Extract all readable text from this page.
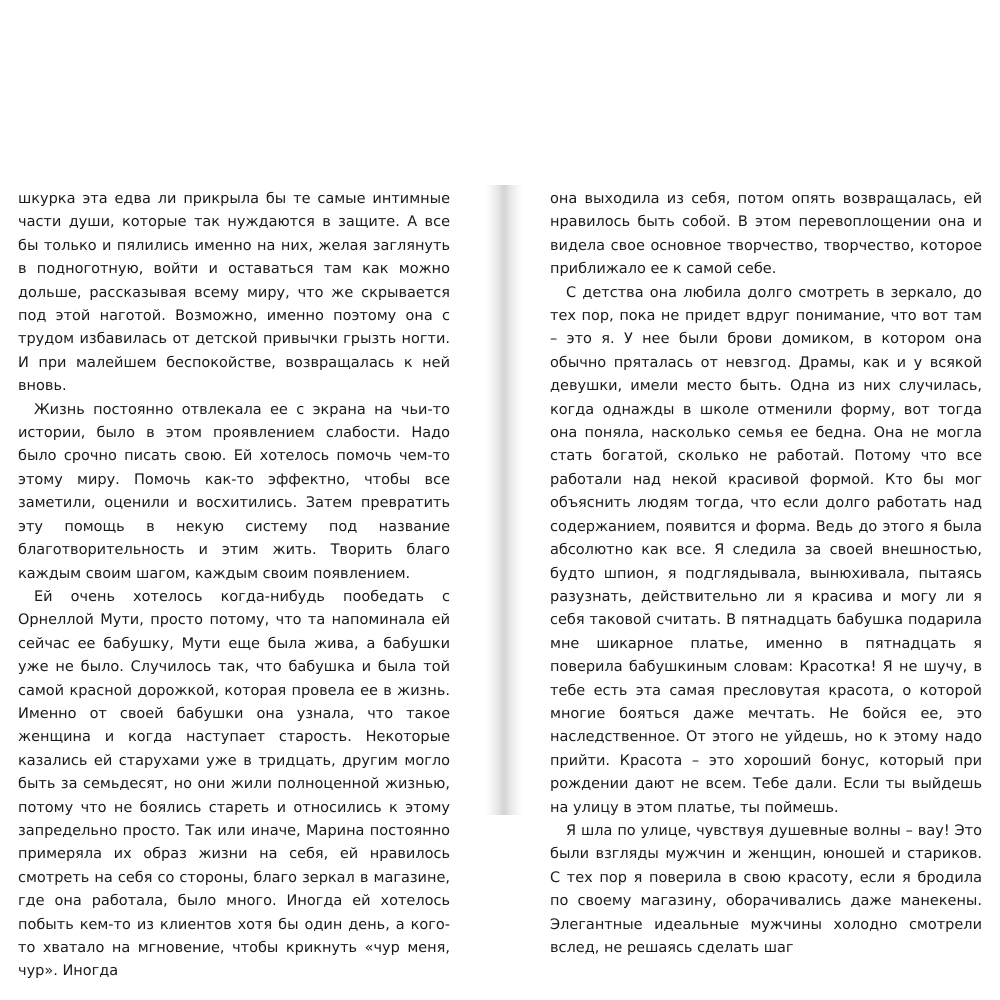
шкурка эта едва ли прикрыла бы те самые интимные части души, которые так нуждаются в защите. А все бы только и пялились именно на них, желая заглянуть в подноготную, войти и оставаться там как можно дольше, рассказывая всему миру, что же скрывается под этой наготой. Возможно, именно поэтому она с трудом избавилась от детской привычки грызть ногти. И при малейшем беспокойстве, возвращалась к ней вновь.

Жизнь постоянно отвлекала ее с экрана на чьи-то истории, было в этом проявлением слабости. Надо было срочно писать свою. Ей хотелось помочь чем-то этому миру. Помочь как-то эффектно, чтобы все заметили, оценили и восхитились. Затем превратить эту помощь в некую систему под название благотворительность и этим жить. Творить благо каждым своим шагом, каждым своим появлением.

Ей очень хотелось когда-нибудь пообедать с Орнеллой Мути, просто потому, что та напоминала ей сейчас ее бабушку, Мути еще была жива, а бабушки уже не было. Случилось так, что бабушка и была той самой красной дорожкой, которая провела ее в жизнь. Именно от своей бабушки она узнала, что такое женщина и когда наступает старость. Некоторые казались ей старухами уже в тридцать, другим могло быть за семьдесят, но они жили полноценной жизнью, потому что не боялись стареть и относились к этому запредельно просто. Так или иначе, Марина постоянно примеряла их образ жизни на себя, ей нравилось смотреть на себя со стороны, благо зеркал в магазине, где она работала, было много. Иногда ей хотелось побыть кем-то из клиентов хотя бы один день, а кого-то хватало на мгновение, чтобы крикнуть «чур меня, чур». Иногда

она выходила из себя, потом опять возвращалась, ей нравилось быть собой. В этом перевоплощении она и видела свое основное творчество, творчество, которое приближало ее к самой себе.

С детства она любила долго смотреть в зеркало, до тех пор, пока не придет вдруг понимание, что вот там – это я. У нее были брови домиком, в котором она обычно пряталась от невзгод. Драмы, как и у всякой девушки, имели место быть. Одна из них случилась, когда однажды в школе отменили форму, вот тогда она поняла, насколько семья ее бедна. Она не могла стать богатой, сколько не работай. Потому что все работали над некой красивой формой. Кто бы мог объяснить людям тогда, что если долго работать над содержанием, появится и форма. Ведь до этого я была абсолютно как все. Я следила за своей внешностью, будто шпион, я подглядывала, вынюхивала, пытаясь разузнать, действительно ли я красива и могу ли я себя таковой считать. В пятнадцать бабушка подарила мне шикарное платье, именно в пятнадцать я поверила бабушкиным словам: Красотка! Я не шучу, в тебе есть эта самая пресловутая красота, о которой многие бояться даже мечтать. Не бойся ее, это наследственное. От этого не уйдешь, но к этому надо прийти. Красота – это хороший бонус, который при рождении дают не всем. Тебе дали. Если ты выйдешь на улицу в этом платье, ты поймешь.

Я шла по улице, чувствуя душевные волны – вау! Это были взгляды мужчин и женщин, юношей и стариков. С тех пор я поверила в свою красоту, если я бродила по своему магазину, оборачивались даже манекены. Элегантные идеальные мужчины холодно смотрели вслед, не решаясь сделать шаг
